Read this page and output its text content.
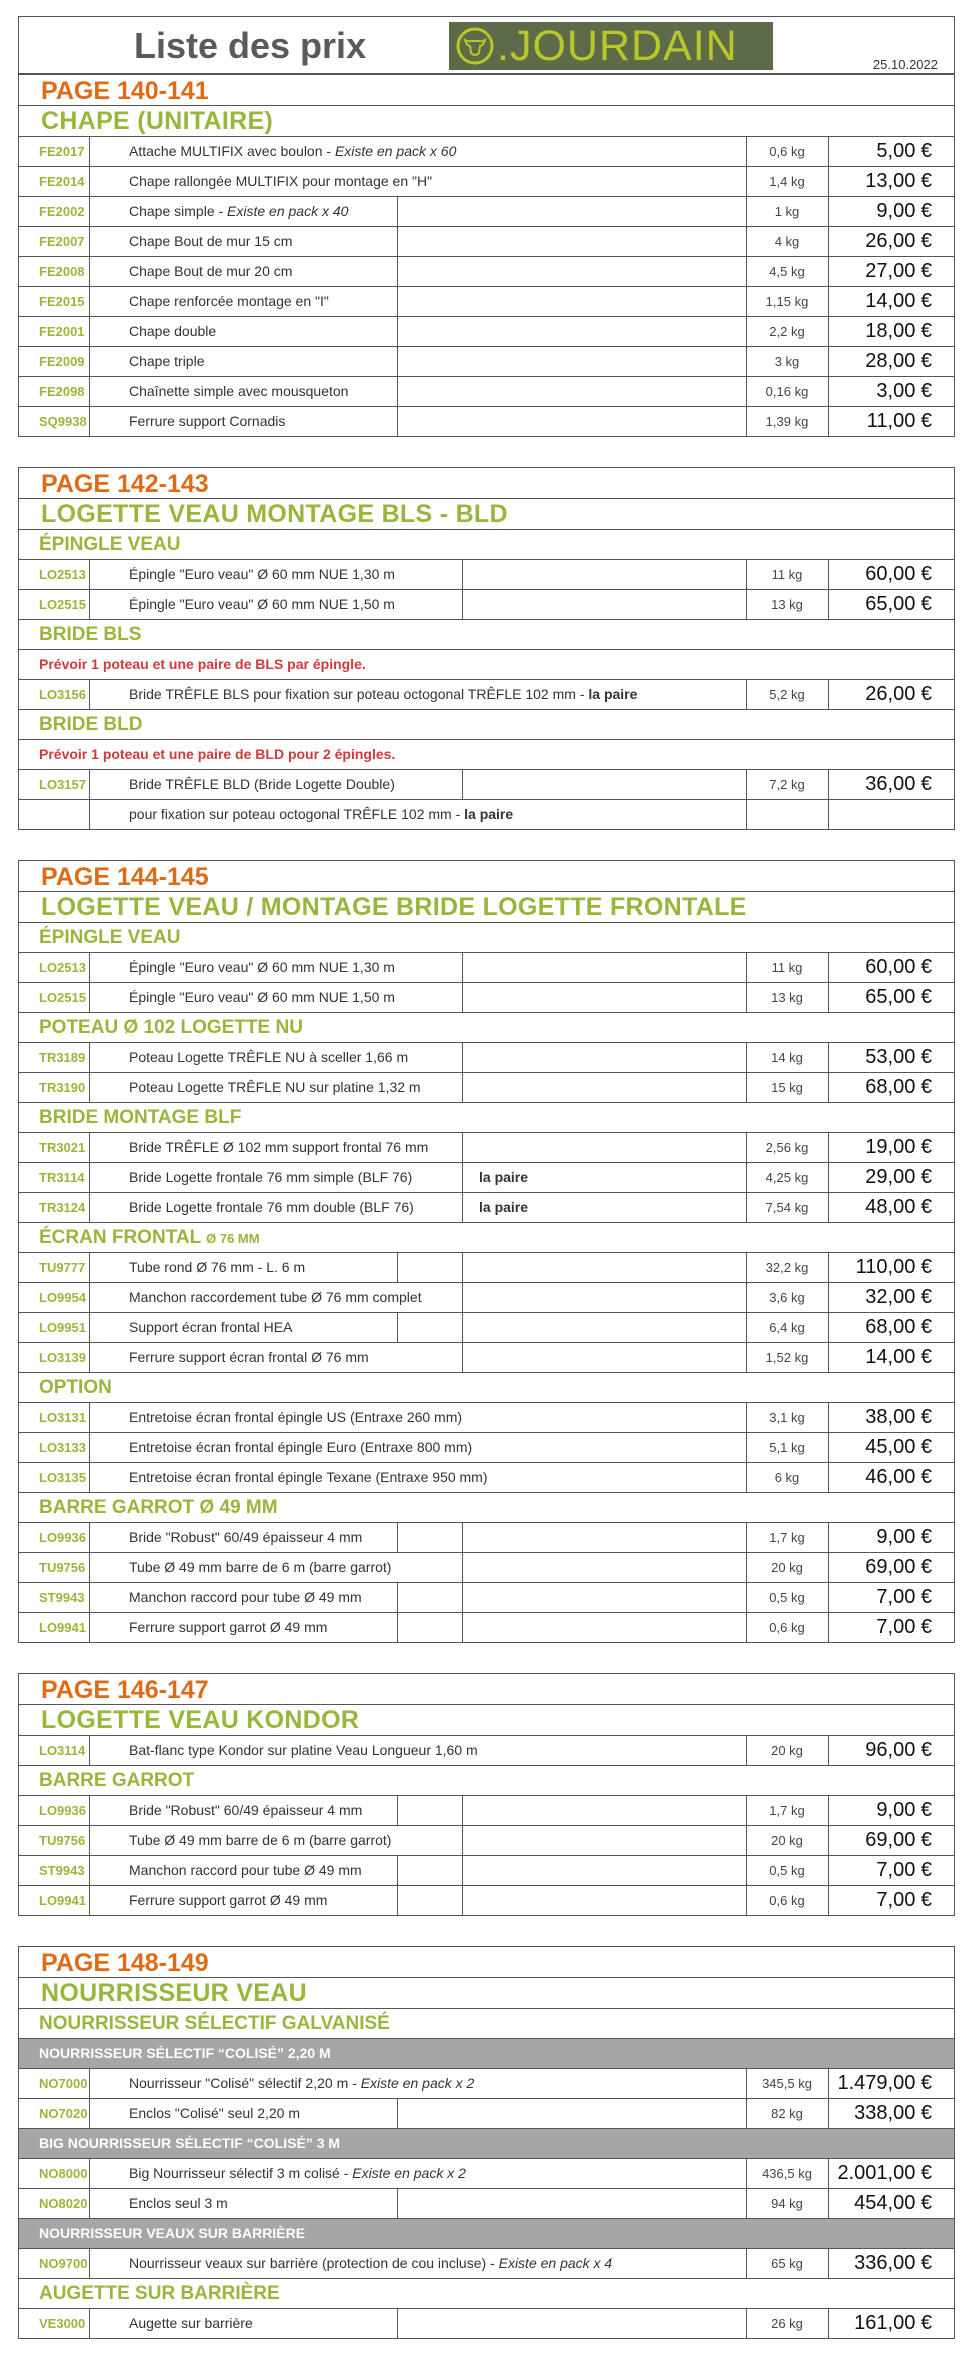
Liste des prix	.JOURDAIN	25.10.2022
PAGE 140-141
CHAPE (UNITAIRE)
FE2017	Attache MULTIFIX avec boulon - Existe en pack x 60	0,6 kg	5,00 €
FE2014	Chape rallongée MULTIFIX pour montage en "H"	1,4 kg	13,00 €
FE2002	Chape simple - Existe en pack x 40	1 kg	9,00 €
FE2007	Chape Bout de mur 15 cm	4 kg	26,00 €
FE2008	Chape Bout de mur 20 cm	4,5 kg	27,00 €
FE2015	Chape renforcée montage en "I"	1,15 kg	14,00 €
FE2001	Chape double	2,2 kg	18,00 €
FE2009	Chape triple	3 kg	28,00 €
FE2098	Chaînette simple avec mousqueton	0,16 kg	3,00 €
SQ9938	Ferrure support Cornadis	1,39 kg	11,00 €
PAGE 142-143
LOGETTE VEAU MONTAGE BLS - BLD
ÉPINGLE VEAU
LO2513	Épingle "Euro veau" Ø 60 mm NUE 1,30 m	11 kg	60,00 €
LO2515	Épingle "Euro veau" Ø 60 mm NUE 1,50 m	13 kg	65,00 €
BRIDE BLS
Prévoir 1 poteau et une paire de BLS par épingle.
LO3156	Bride TRÊFLE BLS pour fixation sur poteau octogonal TRÊFLE 102 mm - la paire	5,2 kg	26,00 €
BRIDE BLD
Prévoir 1 poteau et une paire de BLD pour 2 épingles.
LO3157	Bride TRÊFLE BLD (Bride Logette Double)	7,2 kg	36,00 €
pour fixation sur poteau octogonal TRÊFLE 102 mm - la paire
PAGE 144-145
LOGETTE VEAU / MONTAGE BRIDE LOGETTE FRONTALE
ÉPINGLE VEAU
LO2513	Épingle "Euro veau" Ø 60 mm NUE 1,30 m	11 kg	60,00 €
LO2515	Épingle "Euro veau" Ø 60 mm NUE 1,50 m	13 kg	65,00 €
POTEAU Ø 102 LOGETTE NU
TR3189	Poteau Logette TRÊFLE NU à sceller 1,66 m	14 kg	53,00 €
TR3190	Poteau Logette TRÊFLE NU sur platine 1,32 m	15 kg	68,00 €
BRIDE MONTAGE BLF
TR3021	Bride TRÊFLE Ø 102 mm support frontal 76 mm	2,56 kg	19,00 €
TR3114	Bride Logette frontale 76 mm simple (BLF 76)	la paire	4,25 kg	29,00 €
TR3124	Bride Logette frontale 76 mm double (BLF 76)	la paire	7,54 kg	48,00 €
ÉCRAN FRONTAL Ø 76 MM
TU9777	Tube rond Ø 76 mm - L. 6 m	32,2 kg	110,00 €
LO9954	Manchon raccordement tube Ø 76 mm complet	3,6 kg	32,00 €
LO9951	Support écran frontal HEA	6,4 kg	68,00 €
LO3139	Ferrure support écran frontal Ø 76 mm	1,52 kg	14,00 €
OPTION
LO3131	Entretoise écran frontal épingle US (Entraxe 260 mm)	3,1 kg	38,00 €
LO3133	Entretoise écran frontal épingle Euro (Entraxe 800 mm)	5,1 kg	45,00 €
LO3135	Entretoise écran frontal épingle Texane (Entraxe 950 mm)	6 kg	46,00 €
BARRE GARROT Ø 49 MM
LO9936	Bride "Robust" 60/49 épaisseur 4 mm	1,7 kg	9,00 €
TU9756	Tube Ø 49 mm barre de 6 m (barre garrot)	20 kg	69,00 €
ST9943	Manchon raccord pour tube Ø 49 mm	0,5 kg	7,00 €
LO9941	Ferrure support garrot Ø 49 mm	0,6 kg	7,00 €
PAGE 146-147
LOGETTE VEAU KONDOR
LO3114	Bat-flanc type Kondor sur platine Veau Longueur 1,60 m	20 kg	96,00 €
BARRE GARROT
LO9936	Bride "Robust" 60/49 épaisseur 4 mm	1,7 kg	9,00 €
TU9756	Tube Ø 49 mm barre de 6 m (barre garrot)	20 kg	69,00 €
ST9943	Manchon raccord pour tube Ø 49 mm	0,5 kg	7,00 €
LO9941	Ferrure support garrot Ø 49 mm	0,6 kg	7,00 €
PAGE 148-149
NOURRISSEUR VEAU
NOURRISSEUR SÉLECTIF GALVANISÉ
NOURRISSEUR SÉLECTIF “COLISÉ” 2,20 M
NO7000	Nourrisseur "Colisé" sélectif 2,20 m - Existe en pack x 2	345,5 kg	1.479,00 €
NO7020	Enclos "Colisé" seul 2,20 m	82 kg	338,00 €
BIG NOURRISSEUR SÉLECTIF “COLISÉ” 3 M
NO8000	Big Nourrisseur sélectif 3 m colisé - Existe en pack x 2	436,5 kg	2.001,00 €
NO8020	Enclos seul 3 m	94 kg	454,00 €
NOURRISSEUR VEAUX SUR BARRIÈRE
NO9700	Nourrisseur veaux sur barrière (protection de cou incluse) - Existe en pack x 4	65 kg	336,00 €
AUGETTE SUR BARRIÈRE
VE3000	Augette sur barrière	26 kg	161,00 €
